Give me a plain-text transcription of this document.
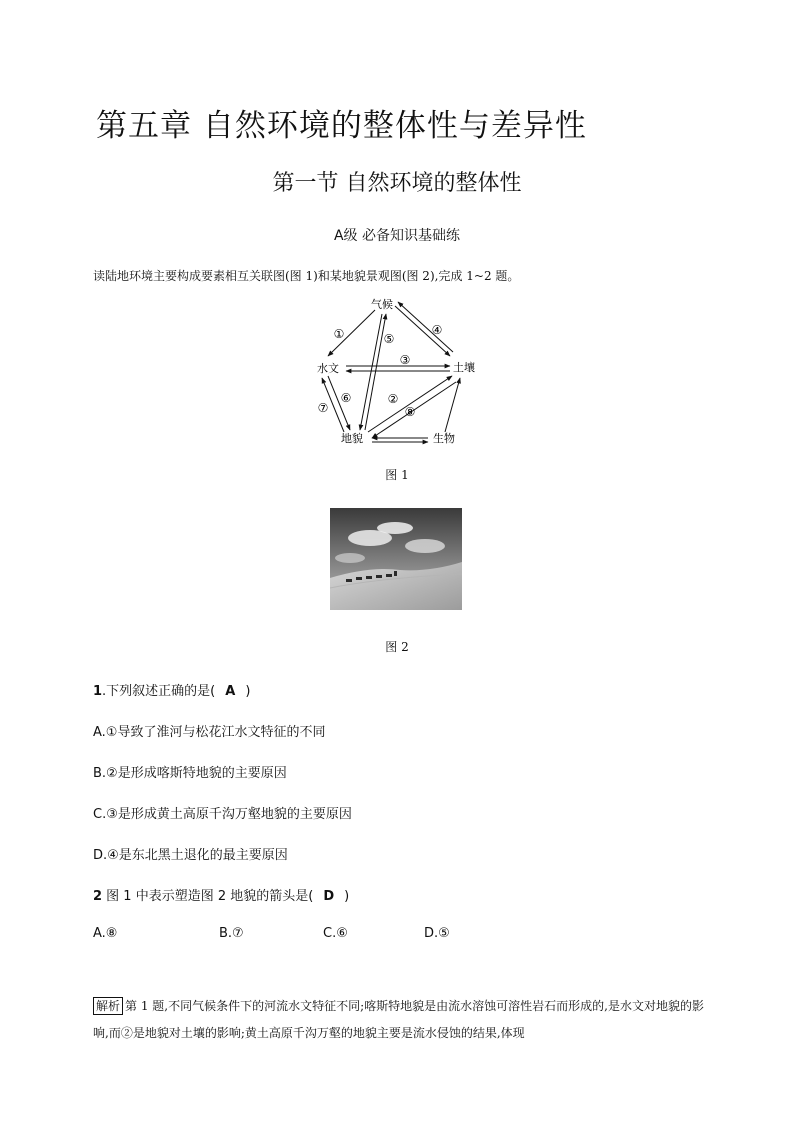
第五章 自然环境的整体性与差异性
第一节 自然环境的整体性
A级 必备知识基础练
读陆地环境主要构成要素相互关联图(图 1)和某地貌景观图(图 2),完成 1~2 题。
气候
水文	土壤
地貌	生物
①	④
⑤
③
⑦
⑥	②
⑧
图 1
图 2
1.下列叙述正确的是( A )
A.①导致了淮河与松花江水文特征的不同
B.②是形成喀斯特地貌的主要原因
C.③是形成黄土高原千沟万壑地貌的主要原因
D.④是东北黑土退化的最主要原因
2 图 1 中表示塑造图 2 地貌的箭头是( D )
A.⑧	B.⑦	C.⑥	D.⑤
解析 第 1 题,不同气候条件下的河流水文特征不同;喀斯特地貌是由流水溶蚀可溶性岩石而形成的,是水文对地貌的影响,而②是地貌对土壤的影响;黄土高原千沟万壑的地貌主要是流水侵蚀的结果,体现
